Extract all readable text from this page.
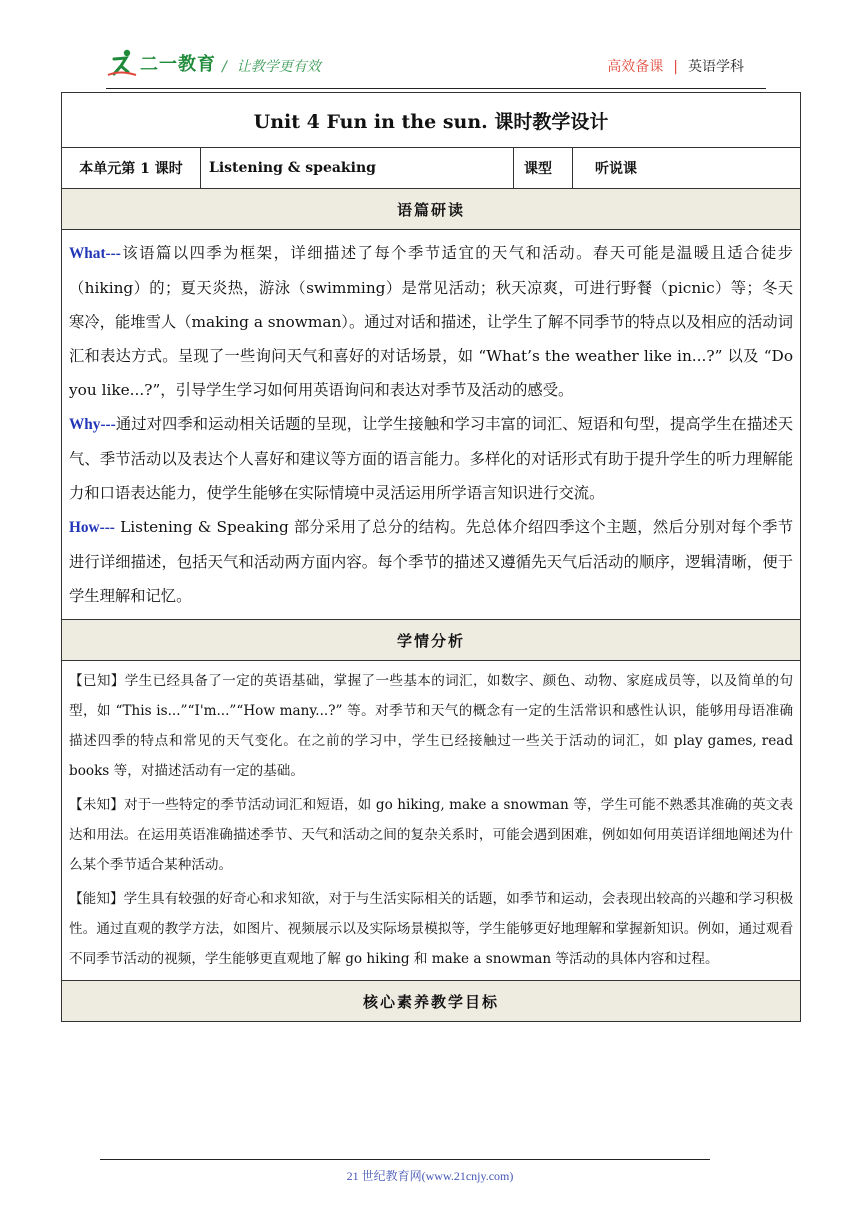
二一教育 / 让教学更有效	高效备课 | 英语学科
Unit 4 Fun in the sun. 课时教学设计
本单元第 1 课时	Listening & speaking	课型	听说课
语篇研读

What---该语篇以四季为框架，详细描述了每个季节适宜的天气和活动。春天可能是温暖且适合徒步（hiking）的；夏天炎热，游泳（swimming）是常见活动；秋天凉爽，可进行野餐（picnic）等；冬天寒冷，能堆雪人（making a snowman）。通过对话和描述，让学生了解不同季节的特点以及相应的活动词汇和表达方式。呈现了一些询问天气和喜好的对话场景，如 “What’s the weather like in...?” 以及 “Do you like...?”，引导学生学习如何用英语询问和表达对季节及活动的感受。

Why---通过对四季和运动相关话题的呈现，让学生接触和学习丰富的词汇、短语和句型，提高学生在描述天气、季节活动以及表达个人喜好和建议等方面的语言能力。多样化的对话形式有助于提升学生的听力理解能力和口语表达能力，使学生能够在实际情境中灵活运用所学语言知识进行交流。

How--- Listening & Speaking 部分采用了总分的结构。先总体介绍四季这个主题，然后分别对每个季节进行详细描述，包括天气和活动两方面内容。每个季节的描述又遵循先天气后活动的顺序，逻辑清晰，便于学生理解和记忆。

学情分析

【已知】学生已经具备了一定的英语基础，掌握了一些基本的词汇，如数字、颜色、动物、家庭成员等，以及简单的句型，如 “This is...”“I'm...”“How many...?” 等。对季节和天气的概念有一定的生活常识和感性认识，能够用母语准确描述四季的特点和常见的天气变化。在之前的学习中，学生已经接触过一些关于活动的词汇，如 play games, read books 等，对描述活动有一定的基础。

【未知】对于一些特定的季节活动词汇和短语，如 go hiking, make a snowman 等，学生可能不熟悉其准确的英文表达和用法。在运用英语准确描述季节、天气和活动之间的复杂关系时，可能会遇到困难，例如如何用英语详细地阐述为什么某个季节适合某种活动。

【能知】学生具有较强的好奇心和求知欲，对于与生活实际相关的话题，如季节和运动，会表现出较高的兴趣和学习积极性。通过直观的教学方法，如图片、视频展示以及实际场景模拟等，学生能够更好地理解和掌握新知识。例如，通过观看不同季节活动的视频，学生能够更直观地了解 go hiking 和 make a snowman 等活动的具体内容和过程。

核心素养教学目标
21 世纪教育网(www.21cnjy.com)
